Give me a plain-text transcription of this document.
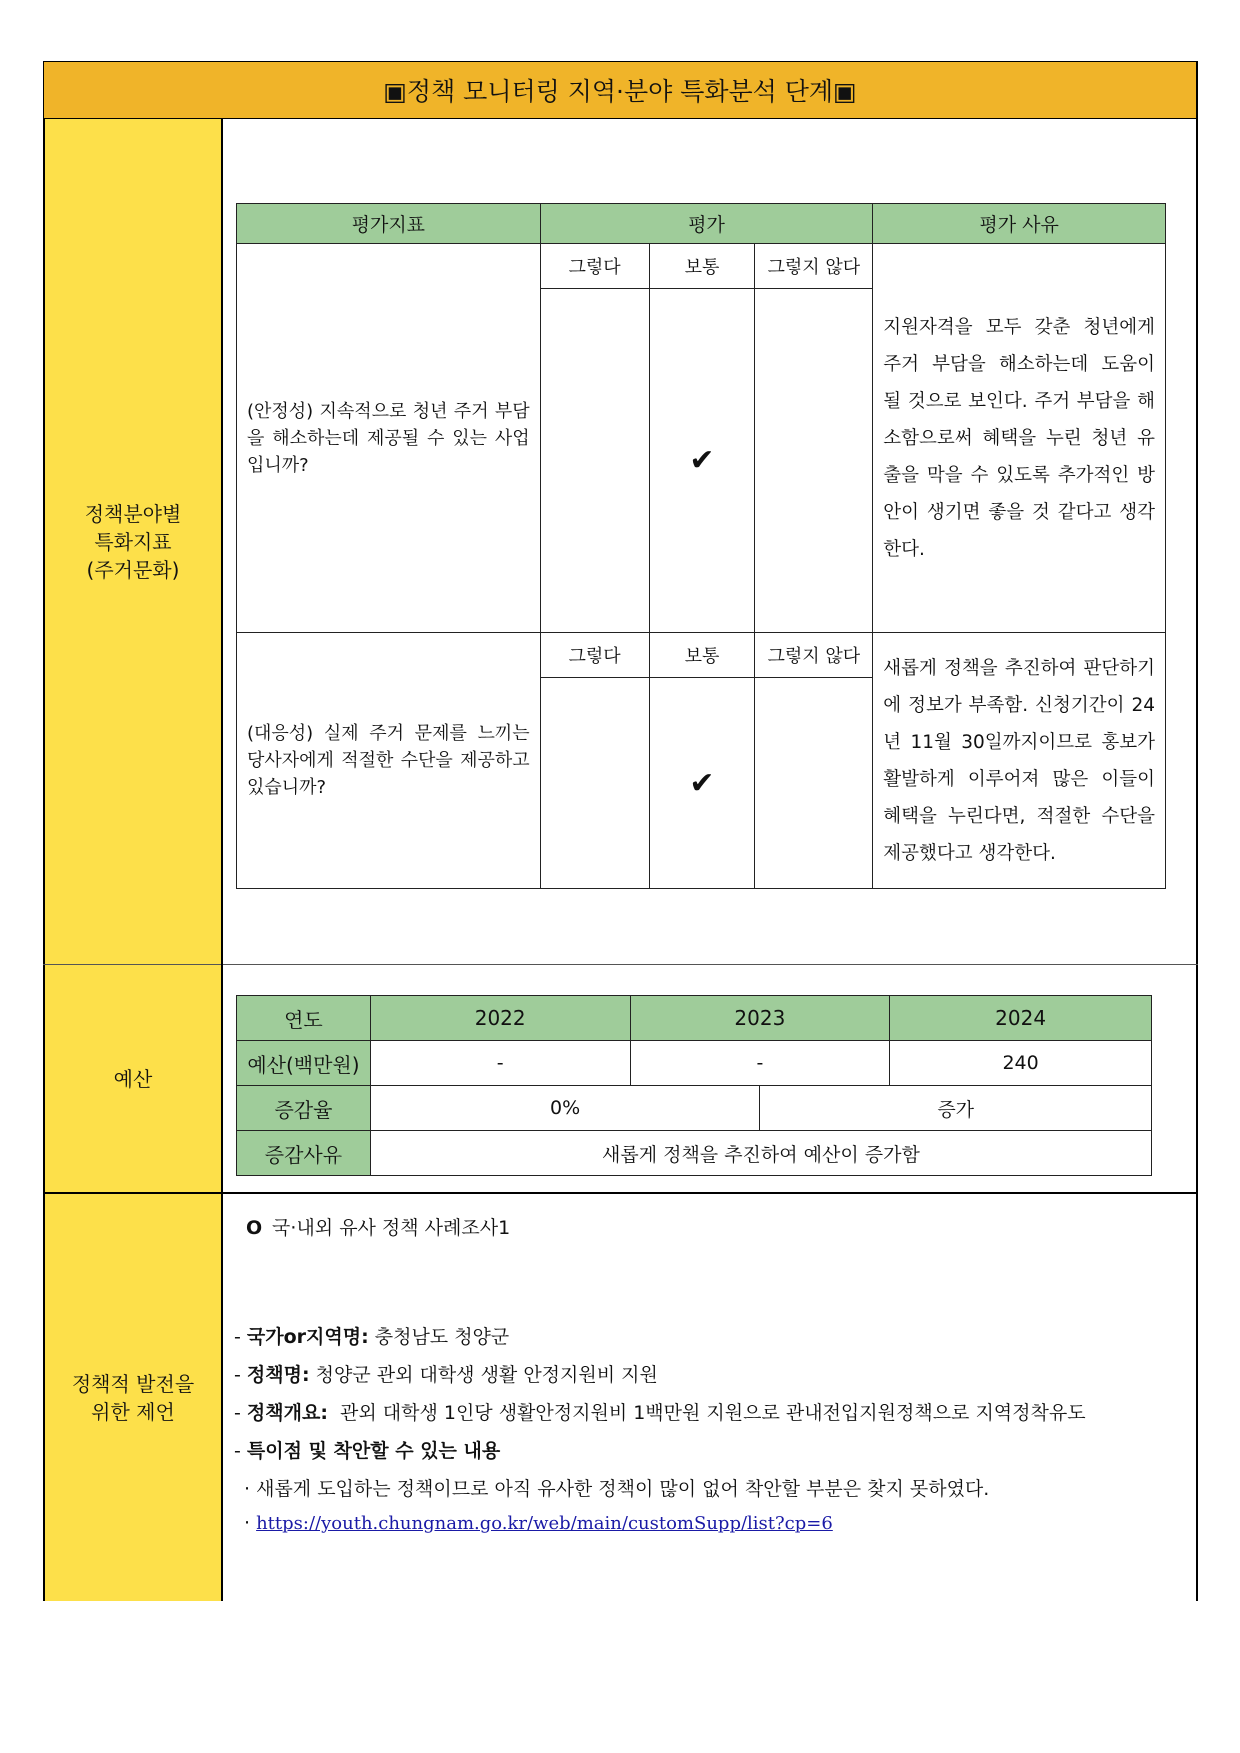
▣정책 모니터링 지역·분야 특화분석 단계▣
정책분야별
특화지표
(주거문화)
예산
정책적 발전을
위한 제언
평가지표	평가			평가 사유
(안정성) 지속적으로 청년 주거 부담을 해소하는데 제공될 수 있는 사업입니까?	그렇다	보통	그렇지 않다	지원자격을 모두 갖춘 청년에게 주거 부담을 해소하는데 도움이 될 것으로 보인다. 주거 부담을 해소함으로써 혜택을 누린 청년 유출을 막을 수 있도록 추가적인 방안이 생기면 좋을 것 같다고 생각한다.
		✔		
(대응성) 실제 주거 문제를 느끼는 당사자에게 적절한 수단을 제공하고 있습니까?	그렇다	보통	그렇지 않다	새롭게 정책을 추진하여 판단하기에 정보가 부족함. 신청기간이 24년 11월 30일까지이므로 홍보가 활발하게 이루어져 많은 이들이 혜택을 누린다면, 적절한 수단을 제공했다고 생각한다.
		✔		
연도	2022	2023		2024
예산(백만원)	-	-		240
증감율	0%		증가	
증감사유	새롭게 정책을 추진하여 예산이 증가함			
O 국·내외 유사 정책 사례조사1
- 국가or지역명: 충청남도 청양군
- 정책명: 청양군 관외 대학생 생활 안정지원비 지원
- 정책개요: 관외 대학생 1인당 생활안정지원비 1백만원 지원으로 관내전입지원정책으로 지역정착유도
- 특이점 및 착안할 수 있는 내용
· 새롭게 도입하는 정책이므로 아직 유사한 정책이 많이 없어 착안할 부분은 찾지 못하였다.
· https://youth.chungnam.go.kr/web/main/customSupp/list?cp=6
